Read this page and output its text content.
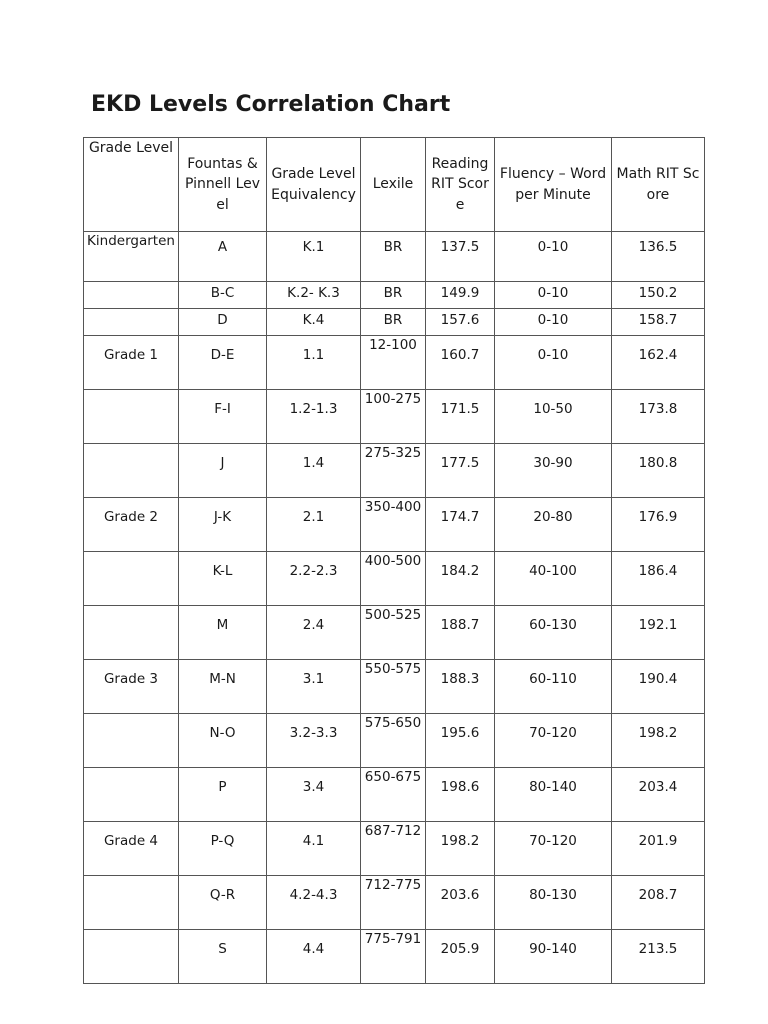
EKD Levels Correlation Chart
Grade Level	Fountas & Pinnell Level	Grade Level Equivalency	Lexile	Reading RIT Score	Fluency – Word per Minute	Math RIT Score
Kindergarten	A	K.1	BR	137.5	0-10	136.5
	B-C	K.2- K.3	BR	149.9	0-10	150.2
	D	K.4	BR	157.6	0-10	158.7
Grade 1	D-E	1.1	12-100	160.7	0-10	162.4
	F-I	1.2-1.3	100-275	171.5	10-50	173.8
	J	1.4	275-325	177.5	30-90	180.8
Grade 2	J-K	2.1	350-400	174.7	20-80	176.9
	K-L	2.2-2.3	400-500	184.2	40-100	186.4
	M	2.4	500-525	188.7	60-130	192.1
Grade 3	M-N	3.1	550-575	188.3	60-110	190.4
	N-O	3.2-3.3	575-650	195.6	70-120	198.2
	P	3.4	650-675	198.6	80-140	203.4
Grade 4	P-Q	4.1	687-712	198.2	70-120	201.9
	Q-R	4.2-4.3	712-775	203.6	80-130	208.7
	S	4.4	775-791	205.9	90-140	213.5
